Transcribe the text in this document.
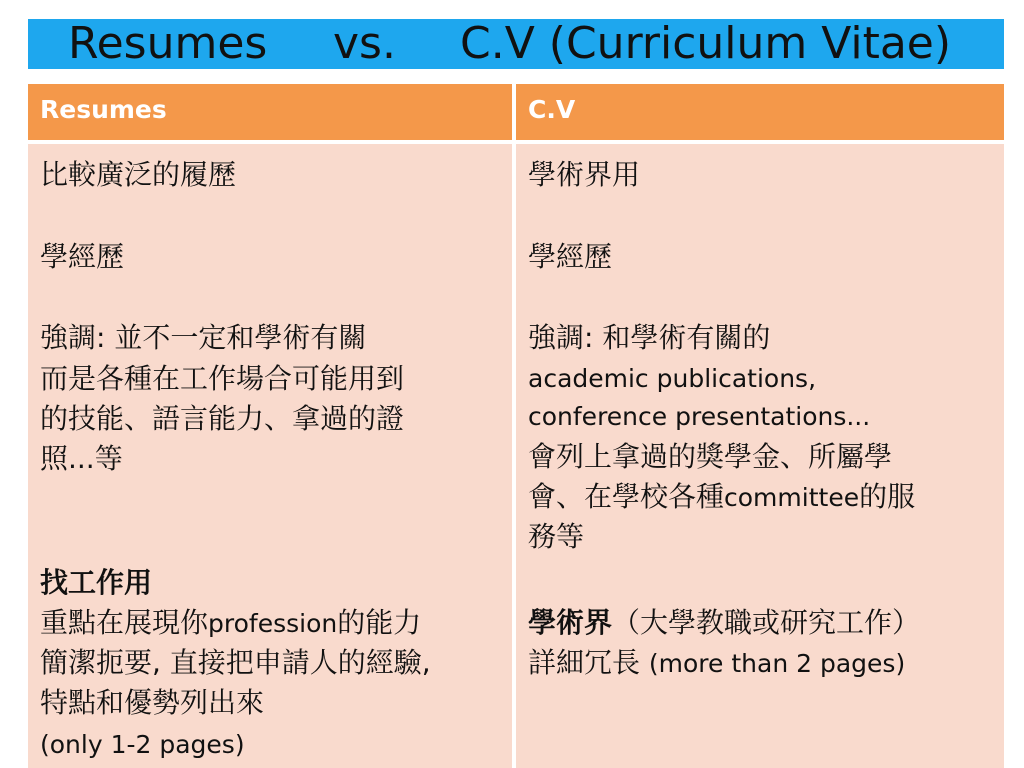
Resumes vs. C.V (Curriculum Vitae)
Resumes	C.V
比較廣泛的履歷
學經歷
強調: 並不一定和學術有關
而是各種在工作場合可能用到
的技能、語言能力、拿過的證
照...等
找工作用
重點在展現你profession的能力
簡潔扼要, 直接把申請人的經驗,
特點和優勢列出來
(only 1-2 pages)
學術界用
學經歷
強調: 和學術有關的
academic publications,
conference presentations...
會列上拿過的獎學金、所屬學
會、在學校各種committee的服
務等
學術界（大學教職或研究工作）
詳細冗長 (more than 2 pages)
